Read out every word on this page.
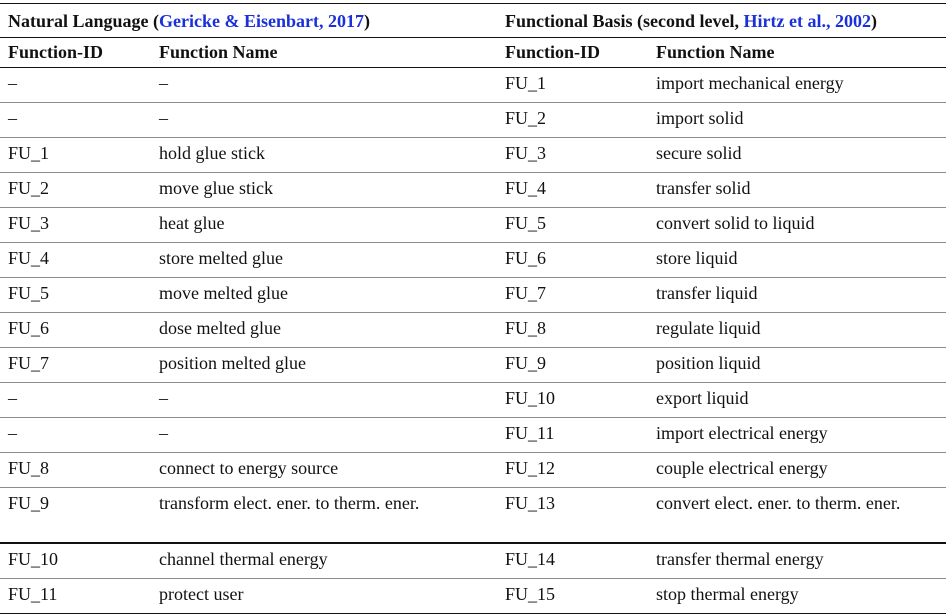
Natural Language (Gericke & Eisenbart, 2017)		Functional Basis (second level, Hirtz et al., 2002)	
Function-ID	Function Name	Function-ID	Function Name
–	–	FU_1	import mechanical energy
–	–	FU_2	import solid
FU_1	hold glue stick	FU_3	secure solid
FU_2	move glue stick	FU_4	transfer solid
FU_3	heat glue	FU_5	convert solid to liquid
FU_4	store melted glue	FU_6	store liquid
FU_5	move melted glue	FU_7	transfer liquid
FU_6	dose melted glue	FU_8	regulate liquid
FU_7	position melted glue	FU_9	position liquid
–	–	FU_10	export liquid
–	–	FU_11	import electrical energy
FU_8	connect to energy source	FU_12	couple electrical energy
FU_9	transform elect. ener. to therm. ener.	FU_13	convert elect. ener. to therm. ener.
FU_10	channel thermal energy	FU_14	transfer thermal energy
FU_11	protect user	FU_15	stop thermal energy
